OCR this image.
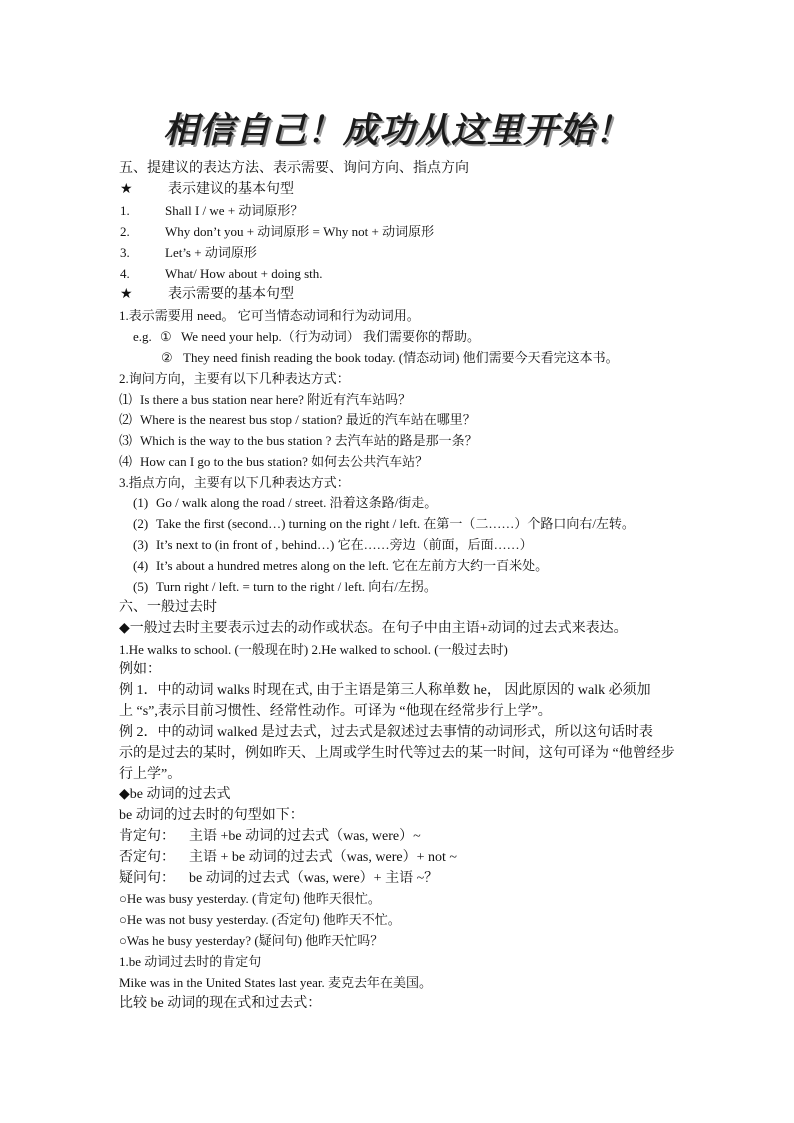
相信自己！成功从这里开始！
五、提建议的表达方法、表示需要、询问方向、指点方向
★	表示建议的基本句型
1.	Shall I / we + 动词原形？
2.	Why don’t you + 动词原形 = Why not + 动词原形
3.	Let’s + 动词原形
4.	What/ How about + doing sth.
★	表示需要的基本句型
1.表示需要用 need。 它可当情态动词和行为动词用。
e.g. ① We need your help.（行为动词） 我们需要你的帮助。
② They need finish reading the book today. (情态动词) 他们需要今天看完这本书。
2.询问方向，主要有以下几种表达方式：
⑴ Is there a bus station near here? 附近有汽车站吗？
⑵ Where is the nearest bus stop / station? 最近的汽车站在哪里？
⑶ Which is the way to the bus station ? 去汽车站的路是那一条？
⑷ How can I go to the bus station? 如何去公共汽车站？
3.指点方向，主要有以下几种表达方式：
(1) Go / walk along the road / street. 沿着这条路/街走。
(2) Take the first (second…) turning on the right / left. 在第一（二……）个路口向右/左转。
(3) It’s next to (in front of , behind…) 它在……旁边（前面，后面……）
(4) It’s about a hundred metres along on the left. 它在左前方大约一百米处。
(5) Turn right / left. = turn to the right / left. 向右/左拐。
六、一般过去时
◆一般过去时主要表示过去的动作或状态。在句子中由主语+动词的过去式来表达。
1.He walks to school. (一般现在时) 2.He walked to school. (一般过去时)
例如：
例 1．中的动词 walks 时现在式, 由于主语是第三人称单数 he， 因此原因的 walk 必须加
上 “s”,表示目前习惯性、经常性动作。可译为 “他现在经常步行上学”。
例 2．中的动词 walked 是过去式，过去式是叙述过去事情的动词形式，所以这句话时表
示的是过去的某时，例如昨天、上周或学生时代等过去的某一时间，这句可译为 “他曾经步
行上学”。
◆be 动词的过去式
be 动词的过去时的句型如下：
肯定句： 主语 +be 动词的过去式（was, were）~
否定句： 主语 + be 动词的过去式（was, were）+ not ~
疑问句： be 动词的过去式（was, were）+ 主语 ~？
○He was busy yesterday. (肯定句) 他昨天很忙。
○He was not busy yesterday. (否定句) 他昨天不忙。
○Was he busy yesterday? (疑问句) 他昨天忙吗？
1.be 动词过去时的肯定句
Mike was in the United States last year. 麦克去年在美国。
比较 be 动词的现在式和过去式：
